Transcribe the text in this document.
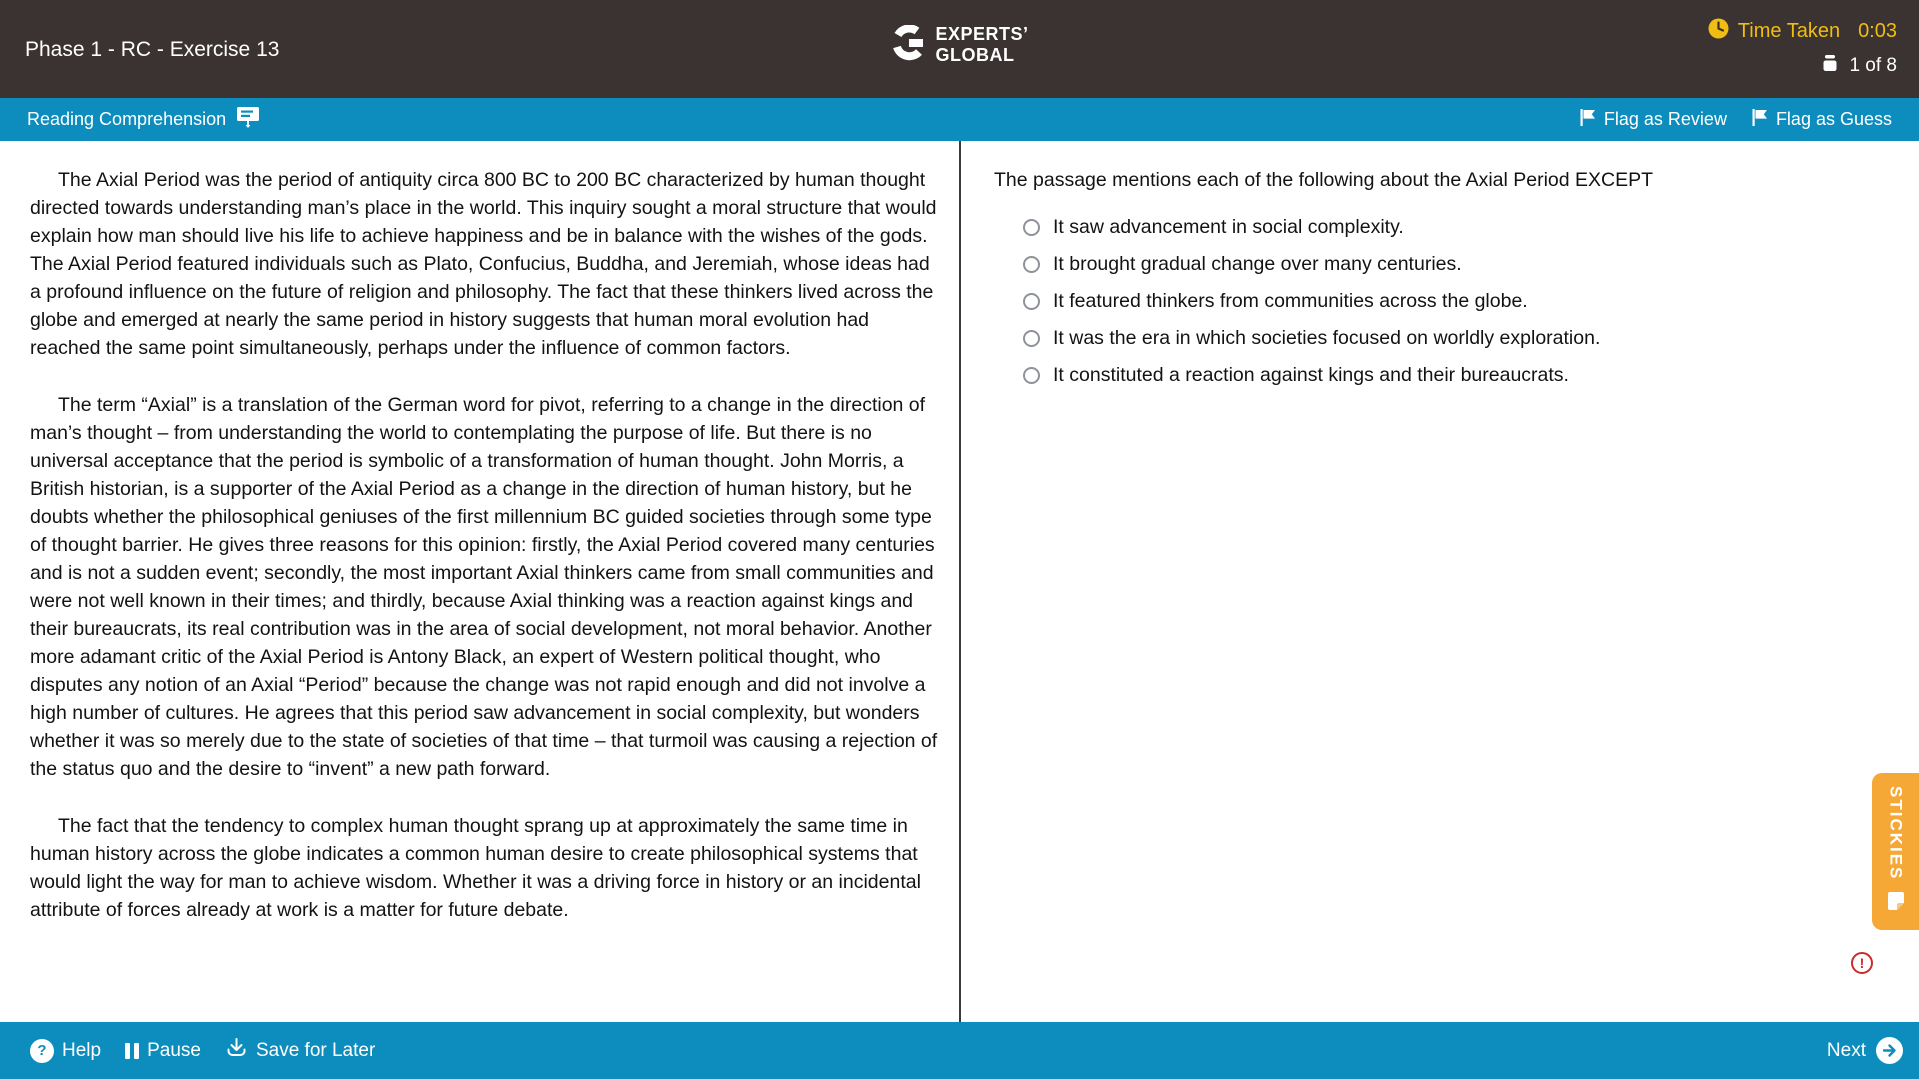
Phase 1 - RC - Exercise 13
EXPERTS’
GLOBAL
Time Taken 0:03
1 of 8
Reading Comprehension	Flag as Review	Flag as Guess

The Axial Period was the period of antiquity circa 800 BC to 200 BC characterized by human thought directed towards understanding man’s place in the world. This inquiry sought a moral structure that would explain how man should live his life to achieve happiness and be in balance with the wishes of the gods. The Axial Period featured individuals such as Plato, Confucius, Buddha, and Jeremiah, whose ideas had a profound influence on the future of religion and philosophy. The fact that these thinkers lived across the globe and emerged at nearly the same period in history suggests that human moral evolution had reached the same point simultaneously, perhaps under the influence of common factors.

The term “Axial” is a translation of the German word for pivot, referring to a change in the direction of man’s thought – from understanding the world to contemplating the purpose of life. But there is no universal acceptance that the period is symbolic of a transformation of human thought. John Morris, a British historian, is a supporter of the Axial Period as a change in the direction of human history, but he doubts whether the philosophical geniuses of the first millennium BC guided societies through some type of thought barrier. He gives three reasons for this opinion: firstly, the Axial Period covered many centuries and is not a sudden event; secondly, the most important Axial thinkers came from small communities and were not well known in their times; and thirdly, because Axial thinking was a reaction against kings and their bureaucrats, its real contribution was in the area of social development, not moral behavior. Another more adamant critic of the Axial Period is Antony Black, an expert of Western political thought, who disputes any notion of an Axial “Period” because the change was not rapid enough and did not involve a high number of cultures. He agrees that this period saw advancement in social complexity, but wonders whether it was so merely due to the state of societies of that time – that turmoil was causing a rejection of the status quo and the desire to “invent” a new path forward.

The fact that the tendency to complex human thought sprang up at approximately the same time in human history across the globe indicates a common human desire to create philosophical systems that would light the way for man to achieve wisdom. Whether it was a driving force in history or an incidental attribute of forces already at work is a matter for future debate.

The passage mentions each of the following about the Axial Period EXCEPT
It saw advancement in social complexity.
It brought gradual change over many centuries.
It featured thinkers from communities across the globe.
It was the era in which societies focused on worldly exploration.
It constituted a reaction against kings and their bureaucrats.
STICKIES
!
? Help Pause	Save for Later	Next
